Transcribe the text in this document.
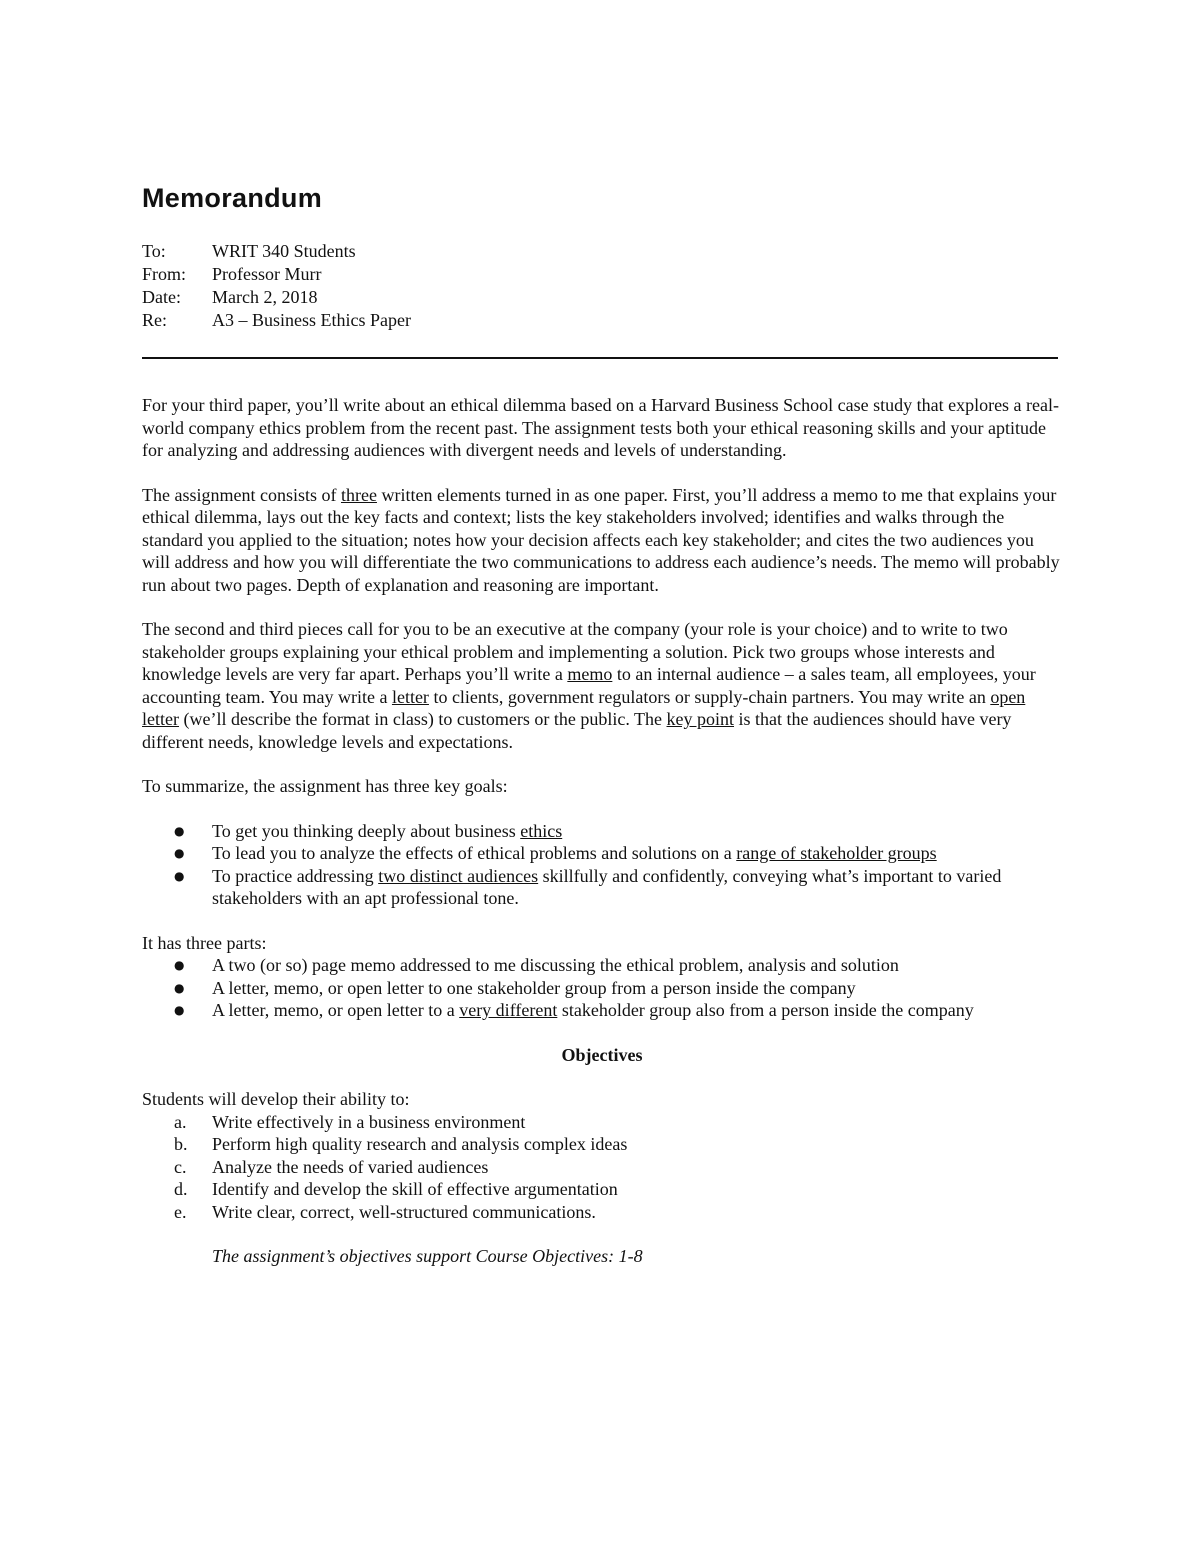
Memorandum
To:	WRIT 340 Students
From: Professor Murr
Date: March 2, 2018
Re:	A3 – Business Ethics Paper

For your third paper, you’ll write about an ethical dilemma based on a Harvard Business School case study that explores a real-world company ethics problem from the recent past. The assignment tests both your ethical reasoning skills and your aptitude for analyzing and addressing audiences with divergent needs and levels of understanding.

The assignment consists of three written elements turned in as one paper. First, you’ll address a memo to me that explains your ethical dilemma, lays out the key facts and context; lists the key stakeholders involved; identifies and walks through the standard you applied to the situation; notes how your decision affects each key stakeholder; and cites the two audiences you will address and how you will differentiate the two communications to address each audience’s needs. The memo will probably run about two pages. Depth of explanation and reasoning are important.

The second and third pieces call for you to be an executive at the company (your role is your choice) and to write to two stakeholder groups explaining your ethical problem and implementing a solution. Pick two groups whose interests and knowledge levels are very far apart. Perhaps you’ll write a memo to an internal audience – a sales team, all employees, your accounting team. You may write a letter to clients, government regulators or supply-chain partners. You may write an open letter (we’ll describe the format in class) to customers or the public. The key point is that the audiences should have very different needs, knowledge levels and expectations.

To summarize, the assignment has three key goals:

● To get you thinking deeply about business ethics
● To lead you to analyze the effects of ethical problems and solutions on a range of stakeholder groups
● To practice addressing two distinct audiences skillfully and confidently, conveying what’s important to varied stakeholders with an apt professional tone.

It has three parts:

● A two (or so) page memo addressed to me discussing the ethical problem, analysis and solution
● A letter, memo, or open letter to one stakeholder group from a person inside the company
● A letter, memo, or open letter to a very different stakeholder group also from a person inside the company

Objectives

Students will develop their ability to:

a. Write effectively in a business environment
b. Perform high quality research and analysis complex ideas
c. Analyze the needs of varied audiences
d. Identify and develop the skill of effective argumentation
e. Write clear, correct, well-structured communications.

The assignment’s objectives support Course Objectives: 1-8
